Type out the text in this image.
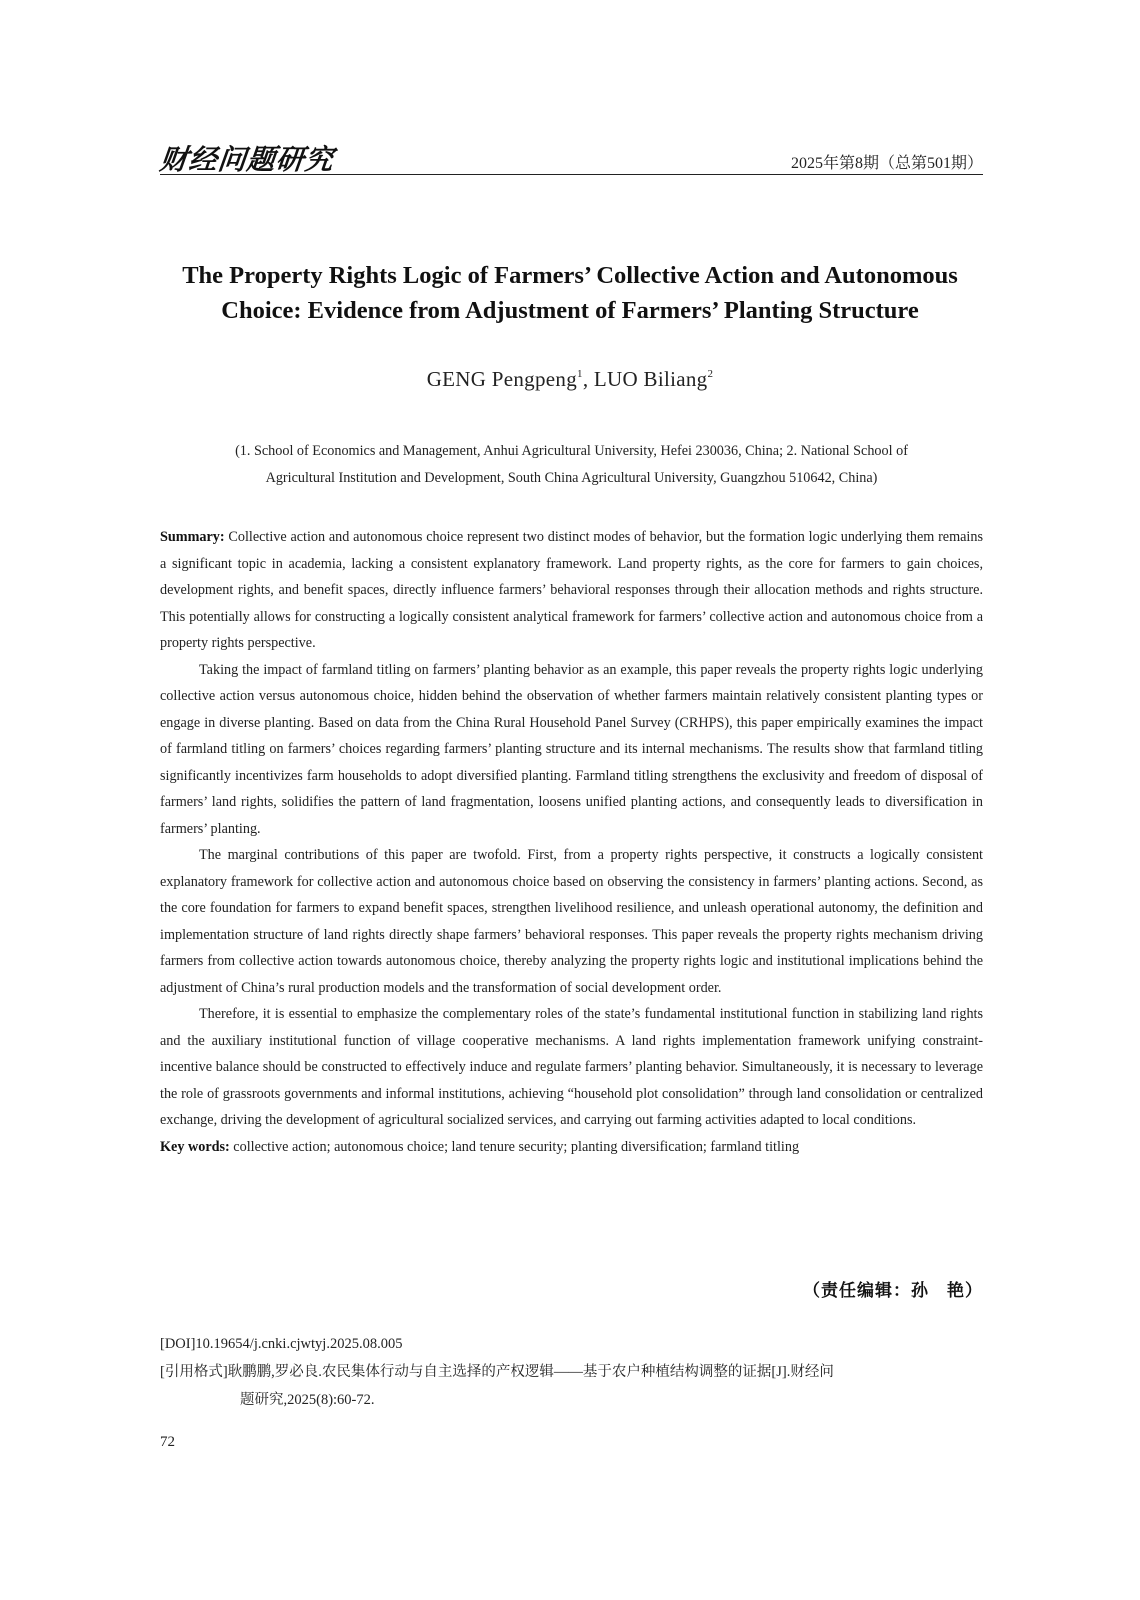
财经问题研究	2025年第8期（总第501期）
The Property Rights Logic of Farmers’ Collective Action and Autonomous
Choice: Evidence from Adjustment of Farmers’ Planting Structure
GENG Pengpeng$^1$, LUO Biliang$^2$
(1. School of Economics and Management, Anhui Agricultural University, Hefei 230036, China; 2. National School of
Agricultural Institution and Development, South China Agricultural University, Guangzhou 510642, China)

Summary: Collective action and autonomous choice represent two distinct modes of behavior, but the formation logic underlying them remains a significant topic in academia, lacking a consistent explanatory framework. Land property rights, as the core for farmers to gain choices, development rights, and benefit spaces, directly influence farmers’ behavioral responses through their allocation methods and rights structure. This potentially allows for constructing a logically consistent analytical framework for farmers’ collective action and autonomous choice from a property rights perspective.

Taking the impact of farmland titling on farmers’ planting behavior as an example, this paper reveals the property rights logic underlying collective action versus autonomous choice, hidden behind the observation of whether farmers maintain relatively consistent planting types or engage in diverse planting. Based on data from the China Rural Household Panel Survey (CRHPS), this paper empirically examines the impact of farmland titling on farmers’ choices regarding farmers’ planting structure and its internal mechanisms. The results show that farmland titling significantly incentivizes farm households to adopt diversified planting. Farmland titling strengthens the exclusivity and freedom of disposal of farmers’ land rights, solidifies the pattern of land fragmentation, loosens unified planting actions, and consequently leads to diversification in farmers’ planting.

The marginal contributions of this paper are twofold. First, from a property rights perspective, it constructs a logically consistent explanatory framework for collective action and autonomous choice based on observing the consistency in farmers’ planting actions. Second, as the core foundation for farmers to expand benefit spaces, strengthen livelihood resilience, and unleash operational autonomy, the definition and implementation structure of land rights directly shape farmers’ behavioral responses. This paper reveals the property rights mechanism driving farmers from collective action towards autonomous choice, thereby analyzing the property rights logic and institutional implications behind the adjustment of China’s rural production models and the transformation of social development order.

Therefore, it is essential to emphasize the complementary roles of the state’s fundamental institutional function in stabilizing land rights and the auxiliary institutional function of village cooperative mechanisms. A land rights implementation framework unifying constraint-incentive balance should be constructed to effectively induce and regulate farmers’ planting behavior. Simultaneously, it is necessary to leverage the role of grassroots governments and informal institutions, achieving “household plot consolidation” through land consolidation or centralized exchange, driving the development of agricultural socialized services, and carrying out farming activities adapted to local conditions.

Key words: collective action; autonomous choice; land tenure security; planting diversification; farmland titling

（责任编辑：孙　艳）
[DOI]10.19654/j.cnki.cjwtyj.2025.08.005
[引用格式]耿鹏鹏,罗必良.农民集体行动与自主选择的产权逻辑——基于农户种植结构调整的证据[J].财经问
题研究,2025(8):60-72.
72
